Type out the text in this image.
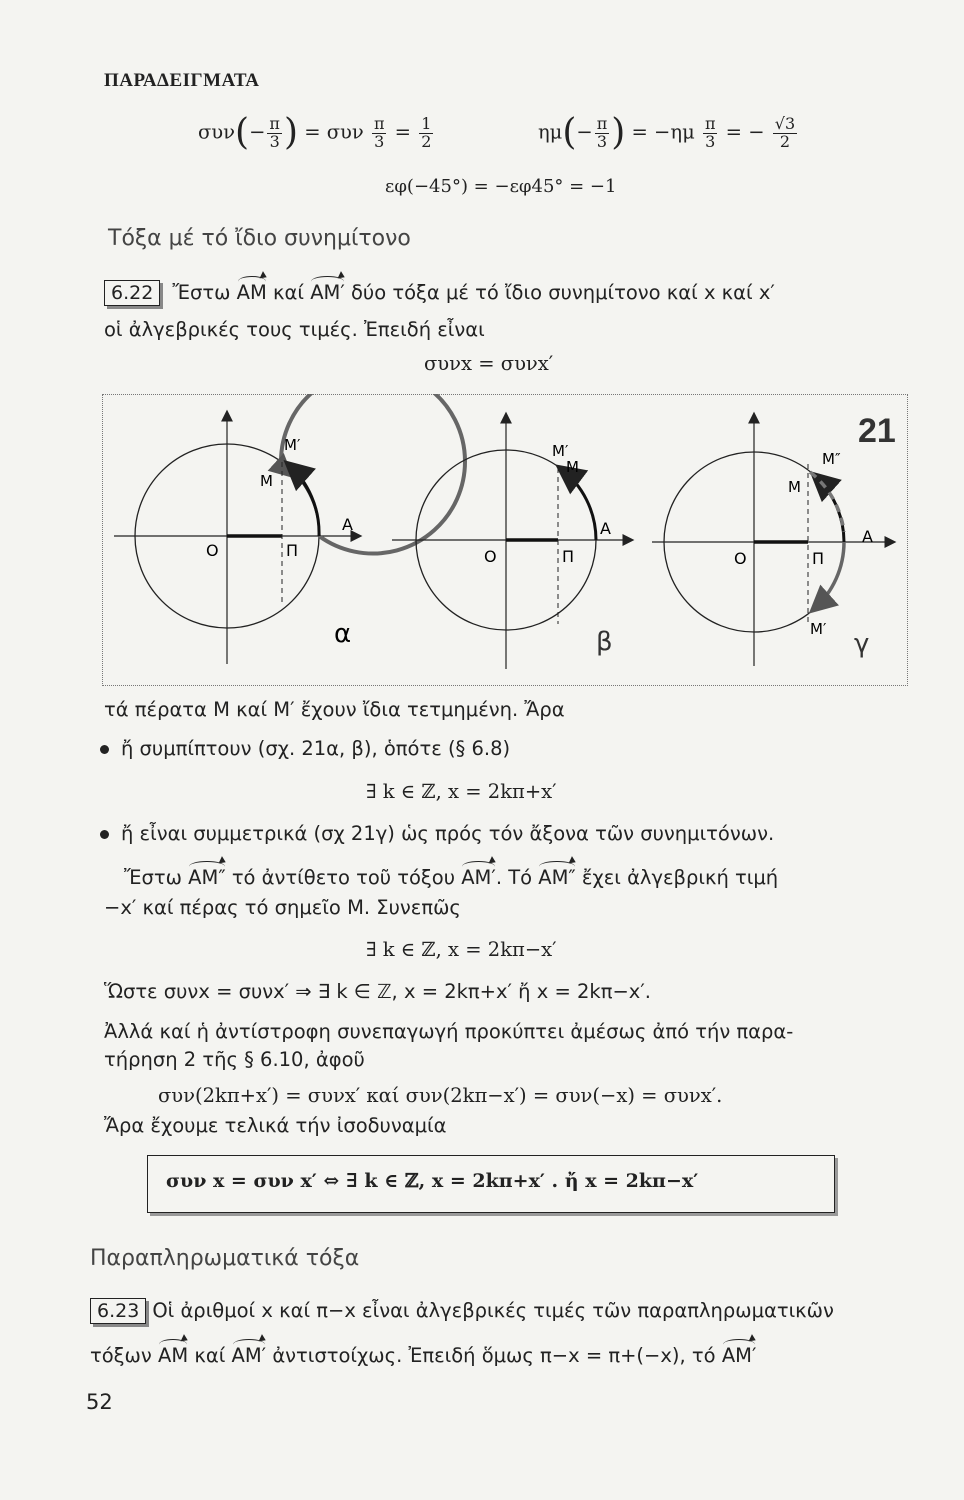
ΠΑΡΑΔΕΙΓΜΑΤΑ
$\sigma\upsilon\nu(- \frac{\pi}{3}$ ) = συν $\frac{\pi}{3} = \frac{1}{2}$	$\eta\mu(- \frac{\pi}{3}$ ) = $-\eta\mu \frac{\pi}{3}$ = − $\frac{√3}{2}$
εφ(−45°) = −εφ45° = −1
Τόξα μέ τό ἴδιο συνημίτονο
6.22 Ἔστω AM καί AM′ δύο τόξα μέ τό ἴδιο συνημίτονο καί x καί x′
οἱ ἀλγεβρικές τους τιμές. Ἐπειδή εἶναι
συνx = συνx′
21
O	Π
A
M
M′
α
O	Π
A
M
M′
β
O	Π
A
M
M″
M′ γ
τά πέρατα M καί M′ ἔχουν ἴδια τετμημένη. Ἄρα
ἤ συμπίπτουν (σχ. 21α, β), ὁπότε (§ 6.8)
∃ k ∈ ℤ, x = 2kπ+x′
ἤ εἶναι συμμετρικά (σχ 21γ) ὡς πρός τόν ἄξονα τῶν συνημιτόνων.
Ἔστω AM″ τό ἀντίθετο τοῦ τόξου AM′. Τό AM″ ἔχει ἀλγεβρική τιμή
−x′ καί πέρας τό σημεῖο M. Συνεπῶς
∃ k ∈ ℤ, x = 2kπ−x′
Ὥστε συνx = συνx′ ⇒ ∃ k ∈ ℤ, x = 2kπ+x′ ἤ x = 2kπ−x′.
Ἀλλά καί ἡ ἀντίστροφη συνεπαγωγή προκύπτει ἀμέσως ἀπό τήν παρα-
τήρηση 2 τῆς § 6.10, ἀφοῦ
συν(2kπ+x′) = συνx′ καί συν(2kπ−x′) = συν(−x) = συνx′.
Ἄρα ἔχουμε τελικά τήν ἰσοδυναμία
συν x = συν x′ ⇔ ∃ k ∈ ℤ, x = 2kπ+x′ . ἤ x = 2kπ−x′
Παραπληρωματικά τόξα
6.23 Οἱ ἀριθμοί x καί π−x εἶναι ἀλγεβρικές τιμές τῶν παραπληρωματικῶν
τόξων AM καί AM′ ἀντιστοίχως. Ἐπειδή ὅμως π−x = π+(−x), τό AM′
52
